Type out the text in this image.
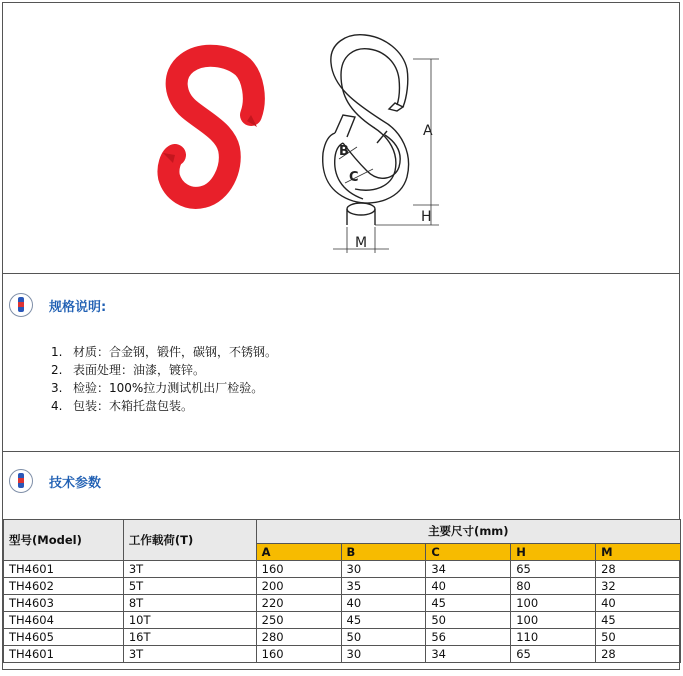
A
B
C
H
M
规格说明:
1. 材质：合金钢，锻件，碳钢，不锈钢。
2. 表面处理：油漆，镀锌。
3. 检验：100%拉力测试机出厂检验。
4. 包装：木箱托盘包装。
技术参数
型号(Model)	工作载荷(T)	主要尺寸(mm)				
		A	B	C	H	M
TH4601	3T	160	30	34	65	28
TH4602	5T	200	35	40	80	32
TH4603	8T	220	40	45	100	40
TH4604	10T	250	45	50	100	45
TH4605	16T	280	50	56	110	50
TH4601	3T	160	30	34	65	28
